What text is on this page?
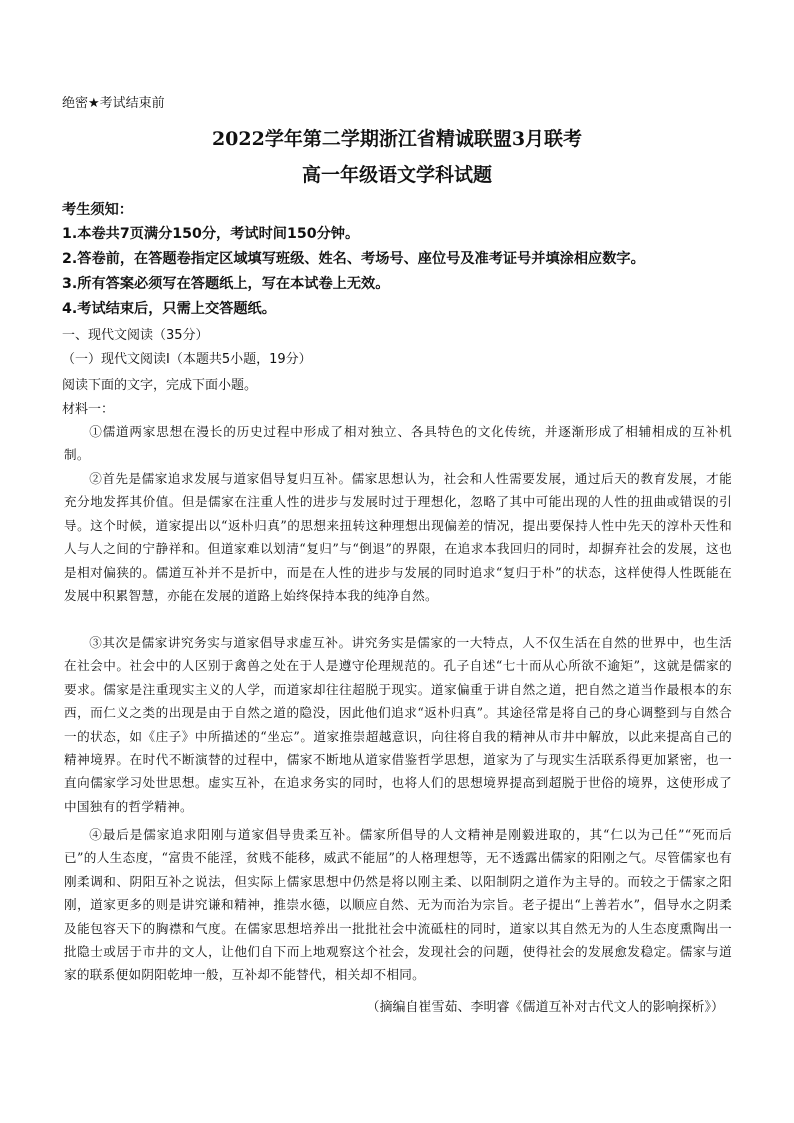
绝密★考试结束前
2022学年第二学期浙江省精诚联盟3月联考
高一年级语文学科试题
考生须知：
1.本卷共7页满分150分，考试时间150分钟。
2.答卷前，在答题卷指定区域填写班级、姓名、考场号、座位号及准考证号并填涂相应数字。
3.所有答案必须写在答题纸上，写在本试卷上无效。
4.考试结束后，只需上交答题纸。
一、现代文阅读（35分）
（一）现代文阅读Ⅰ（本题共5小题，19分）
阅读下面的文字，完成下面小题。
材料一：
①儒道两家思想在漫长的历史过程中形成了相对独立、各具特色的文化传统，并逐渐形成了相辅相成的互补机制。
②首先是儒家追求发展与道家倡导复归互补。儒家思想认为，社会和人性需要发展，通过后天的教育发展，才能充分地发挥其价值。但是儒家在注重人性的进步与发展时过于理想化，忽略了其中可能出现的人性的扭曲或错误的引导。这个时候，道家提出以“返朴归真”的思想来扭转这种理想出现偏差的情况，提出要保持人性中先天的淳朴天性和人与人之间的宁静祥和。但道家难以划清“复归”与“倒退”的界限，在追求本我回归的同时，却摒弃社会的发展，这也是相对偏狭的。儒道互补并不是折中，而是在人性的进步与发展的同时追求“复归于朴”的状态，这样使得人性既能在发展中积累智慧，亦能在发展的道路上始终保持本我的纯净自然。
③其次是儒家讲究务实与道家倡导求虚互补。讲究务实是儒家的一大特点，人不仅生活在自然的世界中，也生活在社会中。社会中的人区别于禽兽之处在于人是遵守伦理规范的。孔子自述“七十而从心所欲不逾矩”，这就是儒家的要求。儒家是注重现实主义的人学，而道家却往往超脱于现实。道家偏重于讲自然之道，把自然之道当作最根本的东西，而仁义之类的出现是由于自然之道的隐没，因此他们追求“返朴归真”。其途径常是将自己的身心调整到与自然合一的状态，如《庄子》中所描述的“坐忘”。道家推崇超越意识，向往将自我的精神从市井中解放，以此来提高自己的精神境界。在时代不断演替的过程中，儒家不断地从道家借鉴哲学思想，道家为了与现实生活联系得更加紧密，也一直向儒家学习处世思想。虚实互补，在追求务实的同时，也将人们的思想境界提高到超脱于世俗的境界，这使形成了中国独有的哲学精神。
④最后是儒家追求阳刚与道家倡导贵柔互补。儒家所倡导的人文精神是刚毅进取的，其“仁以为己任”“死而后已”的人生态度，“富贵不能淫，贫贱不能移，威武不能屈”的人格理想等，无不透露出儒家的阳刚之气。尽管儒家也有刚柔调和、阴阳互补之说法，但实际上儒家思想中仍然是将以刚主柔、以阳制阴之道作为主导的。而较之于儒家之阳刚，道家更多的则是讲究谦和精神，推崇水德，以顺应自然、无为而治为宗旨。老子提出“上善若水”，倡导水之阴柔及能包容天下的胸襟和气度。在儒家思想培养出一批批社会中流砥柱的同时，道家以其自然无为的人生态度熏陶出一批隐士或居于市井的文人，让他们自下而上地观察这个社会，发现社会的问题，使得社会的发展愈发稳定。儒家与道家的联系便如阴阳乾坤一般，互补却不能替代，相关却不相同。
（摘编自崔雪茹、李明睿《儒道互补对古代文人的影响探析》）
